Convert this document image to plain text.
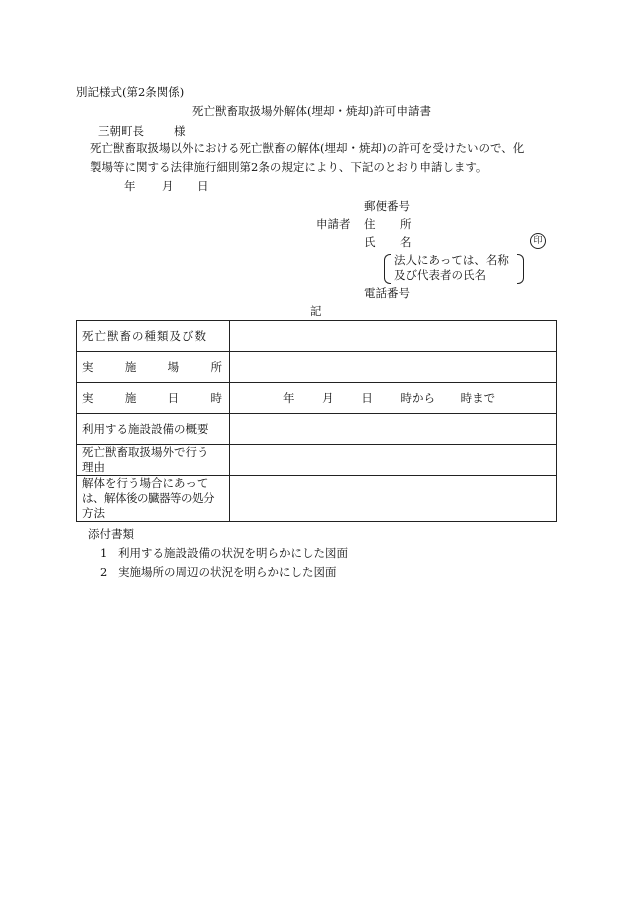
別記様式(第2条関係)
死亡獣畜取扱場外解体(埋却・焼却)許可申請書
三朝町長	様
死亡獣畜取扱場以外における死亡獣畜の解体(埋却・焼却)の許可を受けたいので、化
製場等に関する法律施行細則第2条の規定により、下記のとおり申請します。
年 月 日
郵便番号
申請者 住 所
氏 名	印
法人にあっては、名称
及び代表者の氏名
電話番号
記
死亡獣畜の種類及び数	

実 施 場 所	

実 施 日 時	年 月 日 時から 時まで
利用する施設設備の概要	

死亡獣畜取扱場外で行う
理由	

解体を行う場合にあって
は、解体後の臓器等の処分
方法	

添付書類
1 利用する施設設備の状況を明らかにした図面
2 実施場所の周辺の状況を明らかにした図面
